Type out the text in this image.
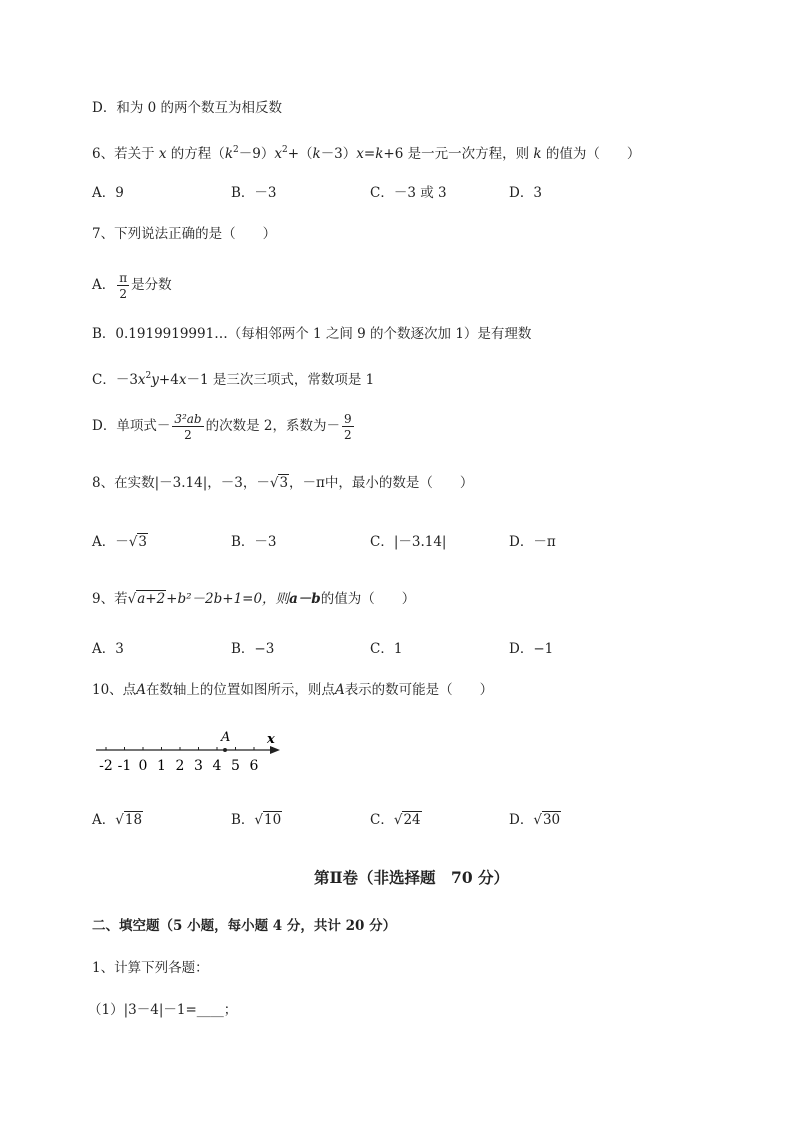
D．和为 0 的两个数互为相反数
6、若关于 x 的方程$(k^2-9)x^2+(k-3)x=k+6$ 是一元一次方程，则 k 的值为（　　）
A．9	B．－3	C．－3 或 3	D．3
7、下列说法正确的是（　　）
A． $\frac{\pi}{2}$ 是分数
B．0.1919919991…（每相邻两个 1 之间 9 的个数逐次加 1）是有理数
C．$-3x^2y+4x-1$ 是三次三项式，常数项是 1
D．单项式－ $\frac{\text{3²ab}}{2}$ 的次数是 2，系数为－ $\frac{9}{2}$
8、在实数|－3.14|，－3，－√3，－π中，最小的数是（　　）
A．－√3	B．－3	C．|－3.14|	D．－π
9、若√a+2+b²－2b+1=0，则a－b的值为（　　）
A．3	B．−3	C．1	D．−1
10、点A在数轴上的位置如图所示，则点A表示的数可能是（　　）
A	x
-2 -1 0 1 2 3 4 5 6
A．√18	B．√10	C．√24	D．√30
第Ⅱ卷（非选择题　70 分）
二、填空题（5 小题，每小题 4 分，共计 20 分）
1、计算下列各题：
（1）|3－4|－1=____；
